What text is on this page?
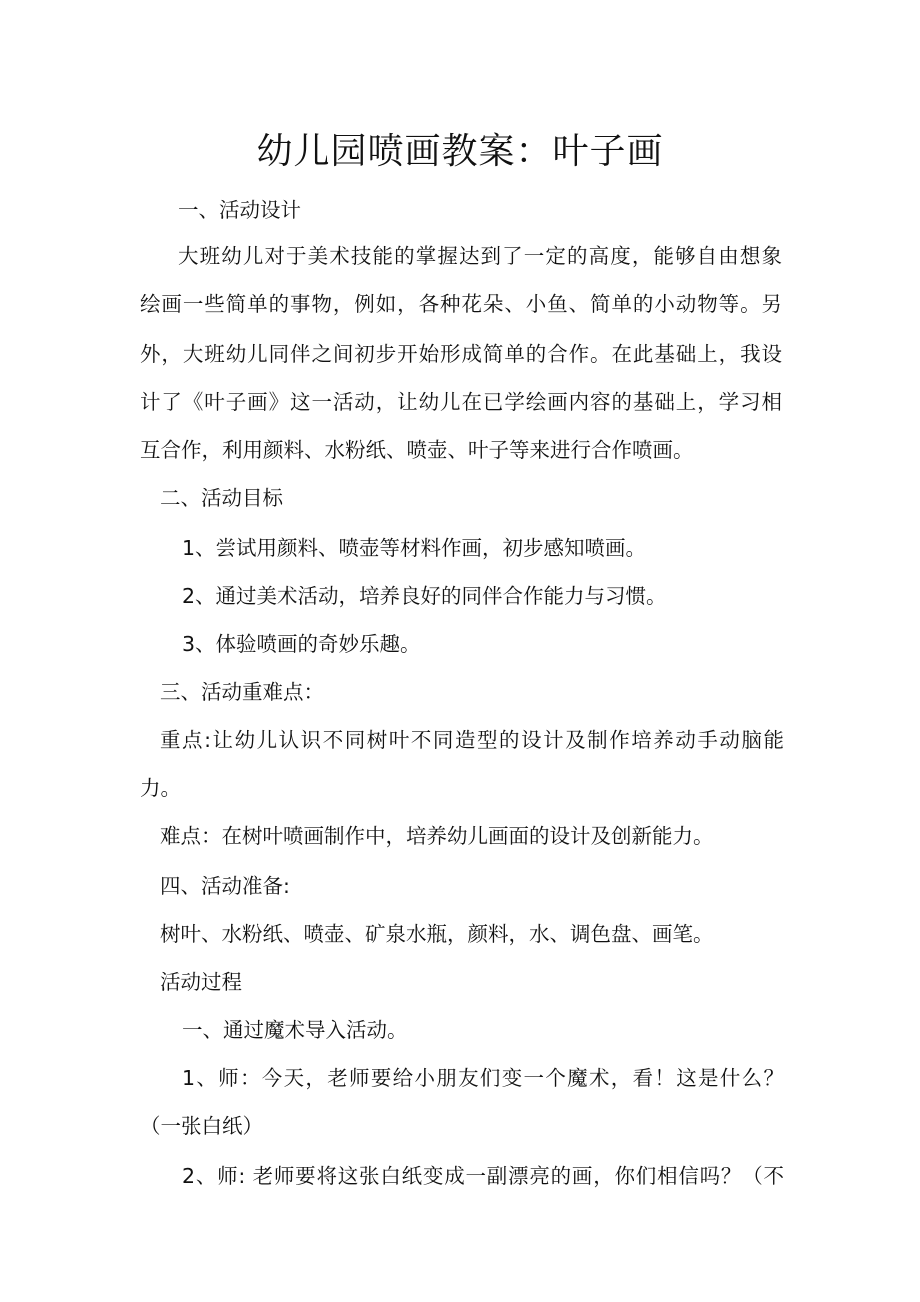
幼儿园喷画教案：叶子画
一、活动设计
大班幼儿对于美术技能的掌握达到了一定的高度，能够自由想象
绘画一些简单的事物，例如，各种花朵、小鱼、简单的小动物等。另
外，大班幼儿同伴之间初步开始形成简单的合作。在此基础上，我设
计了《叶子画》这一活动，让幼儿在已学绘画内容的基础上，学习相
互合作，利用颜料、水粉纸、喷壶、叶子等来进行合作喷画。
二、活动目标
1、尝试用颜料、喷壶等材料作画，初步感知喷画。
2、通过美术活动，培养良好的同伴合作能力与习惯。
3、体验喷画的奇妙乐趣。
三、活动重难点：
重点:让幼儿认识不同树叶不同造型的设计及制作培养动手动脑能
力。
难点：在树叶喷画制作中，培养幼儿画面的设计及创新能力。
四、活动准备:
树叶、水粉纸、喷壶、矿泉水瓶，颜料，水、调色盘、画笔。
活动过程
一、通过魔术导入活动。
1、师：今天，老师要给小朋友们变一个魔术，看！这是什么？
（一张白纸）
2、师: 老师要将这张白纸变成一副漂亮的画，你们相信吗？（不
